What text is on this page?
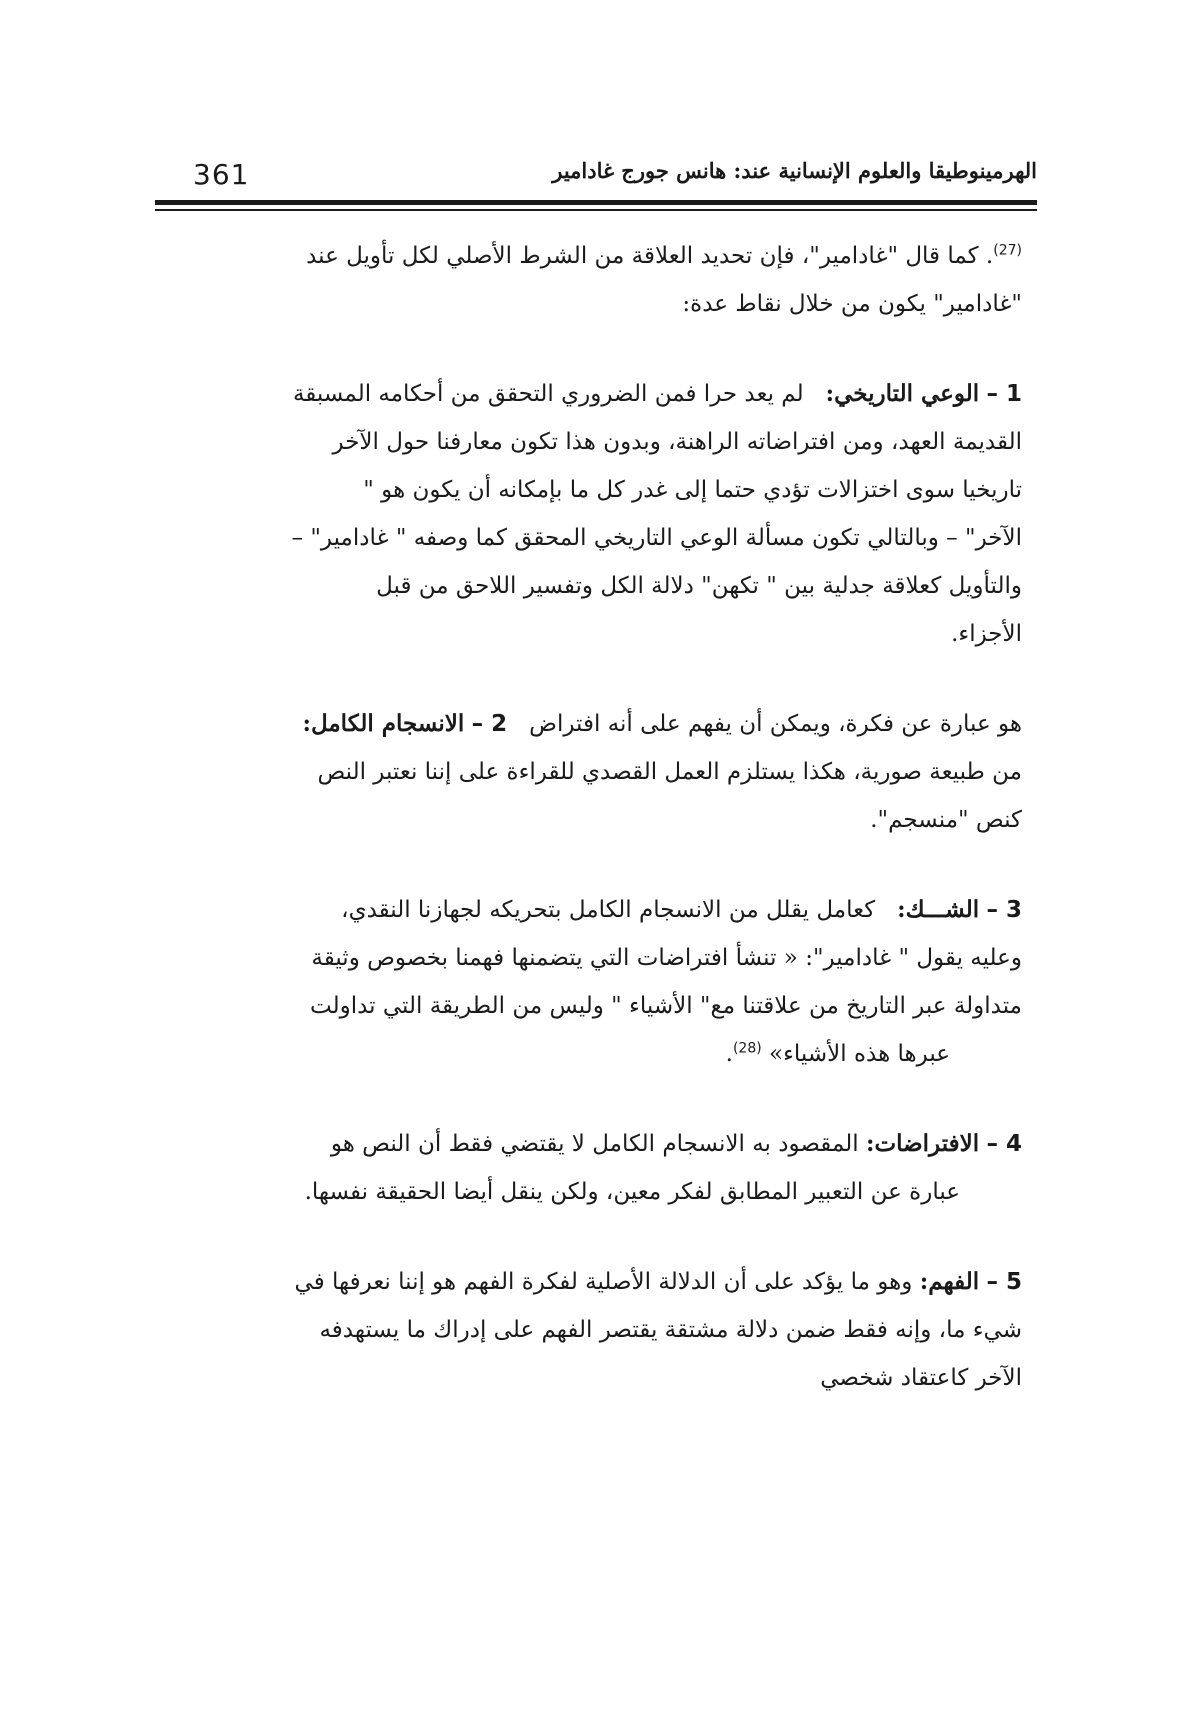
361	الهرمينوطيقا والعلوم الإنسانية عند: هانس جورج غادامير

$^{(27)}$. كما قال "غادامير"، فإن تحديد العلاقة من الشرط الأصلي لكل تأويل عند
"غادامير" يكون من خلال نقاط عدة:

1 – الوعي التاريخي:لم يعد حرا فمن الضروري التحقق من أحكامه المسبقة
القديمة العهد، ومن افتراضاته الراهنة، وبدون هذا تكون معارفنا حول الآخر
تاريخيا سوى اختزالات تؤدي حتما إلى غدر كل ما بإمكانه أن يكون هو "
الآخر" – وبالتالي تكون مسألة الوعي التاريخي المحقق كما وصفه " غادامير" –
والتأويل كعلاقة جدلية بين " تكهن" دلالة الكل وتفسير اللاحق من قبل
الأجزاء.

هو عبارة عن فكرة، ويمكن أن يفهم على أنه افتراض2 – الانسجام الكامل:
من طبيعة صورية، هكذا يستلزم العمل القصدي للقراءة على إننا نعتبر النص
كنص "منسجم".

3 – الشـــك:كعامل يقلل من الانسجام الكامل بتحريكه لجهازنا النقدي،
وعليه يقول " غادامير": « تنشأ افتراضات التي يتضمنها فهمنا بخصوص وثيقة
متداولة عبر التاريخ من علاقتنا مع" الأشياء " وليس من الطريقة التي تداولت
عبرها هذه الأشياء» $^{(28)}$.

4 – الافتراضات: المقصود به الانسجام الكامل لا يقتضي فقط أن النص هو
عبارة عن التعبير المطابق لفكر معين، ولكن ينقل أيضا الحقيقة نفسها.

5 – الفهم: وهو ما يؤكد على أن الدلالة الأصلية لفكرة الفهم هو إننا نعرفها في
شيء ما، وإنه فقط ضمن دلالة مشتقة يقتصر الفهم على إدراك ما يستهدفه
الآخر كاعتقاد شخصي
